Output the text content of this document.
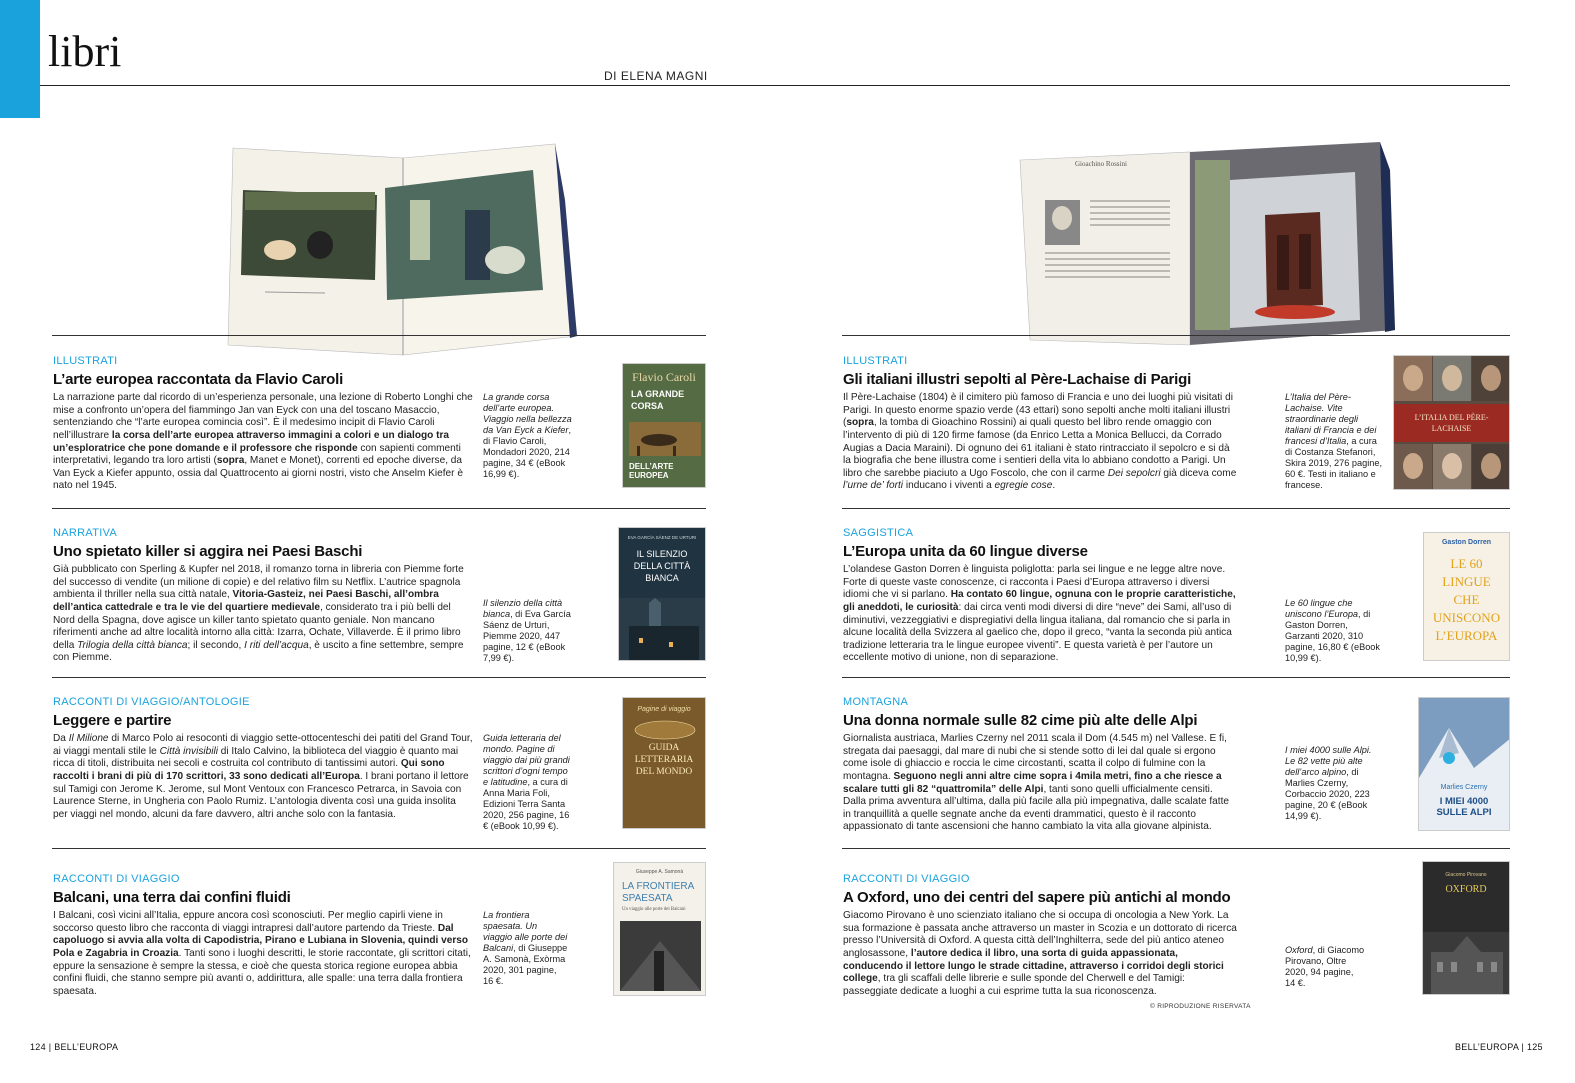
libri	DI ELENA MAGNI
Gioachino Rossini
ILLUSTRATI
L’arte europea raccontata da Flavio Caroli
La narrazione parte dal ricordo di un’esperienza personale, una lezione di Roberto Longhi che mise a confronto un’opera del fiammingo Jan van Eyck con una del toscano Masaccio, sentenziando che “l’arte europea comincia così”. È il medesimo incipit di Flavio Caroli nell’illustrare la corsa dell’arte europea attraverso immagini a colori e un dialogo tra un’esploratrice che pone domande e il professore che risponde con sapienti commenti interpretativi, legando tra loro artisti (sopra, Manet e Monet), correnti ed epoche diverse, da Van Eyck a Kiefer appunto, ossia dal Quattrocento ai giorni nostri, visto che Anselm Kiefer è nato nel 1945.
La grande corsa dell’arte europea. Viaggio nella bellezza da Van Eyck a Kiefer, di Flavio Caroli, Mondadori 2020, 214 pagine, 34 € (eBook 16,99 €).
Flavio Caroli
LA GRANDE CORSA
DELL’ARTE EUROPEA
NARRATIVA
Uno spietato killer si aggira nei Paesi Baschi
Già pubblicato con Sperling & Kupfer nel 2018, il romanzo torna in libreria con Piemme forte del successo di vendite (un milione di copie) e del relativo film su Netflix. L’autrice spagnola ambienta il thriller nella sua città natale, Vitoria-Gasteiz, nei Paesi Baschi, all’ombra dell’antica cattedrale e tra le vie del quartiere medievale, considerato tra i più belli del Nord della Spagna, dove agisce un killer tanto spietato quanto geniale. Non mancano riferimenti anche ad altre località intorno alla città: Izarra, Ochate, Villaverde. È il primo libro della Trilogia della città bianca; il secondo, I riti dell’acqua, è uscito a fine settembre, sempre con Piemme.
Il silenzio della città bianca, di Eva García Sáenz de Urturi, Piemme 2020, 447 pagine, 12 € (eBook 7,99 €).
EVA GARCÍA SÁENZ DE URTURI
IL SILENZIO DELLA CITTÀ BIANCA
RACCONTI DI VIAGGIO/ANTOLOGIE
Leggere e partire
Da Il Milione di Marco Polo ai resoconti di viaggio sette-ottocenteschi dei patiti del Grand Tour, ai viaggi mentali stile le Città invisibili di Italo Calvino, la biblioteca del viaggio è quanto mai ricca di titoli, distribuita nei secoli e costruita col contributo di tantissimi autori. Qui sono raccolti i brani di più di 170 scrittori, 33 sono dedicati all’Europa. I brani portano il lettore sul Tamigi con Jerome K. Jerome, sul Mont Ventoux con Francesco Petrarca, in Savoia con Laurence Sterne, in Ungheria con Paolo Rumiz. L’antologia diventa così una guida insolita per viaggi nel mondo, alcuni da fare davvero, altri anche solo con la fantasia.
Guida letteraria del mondo. Pagine di viaggio dai più grandi scrittori d’ogni tempo e latitudine, a cura di Anna Maria Foli, Edizioni Terra Santa 2020, 256 pagine, 16 € (eBook 10,99 €).
Pagine di viaggio
GUIDA LETTERARIA DEL MONDO
RACCONTI DI VIAGGIO
Balcani, una terra dai confini fluidi
I Balcani, così vicini all’Italia, eppure ancora così sconosciuti. Per meglio capirli viene in soccorso questo libro che racconta di viaggi intrapresi dall’autore partendo da Trieste. Dal capoluogo si avvia alla volta di Capodistria, Pirano e Lubiana in Slovenia, quindi verso Pola e Zagabria in Croazia. Tanti sono i luoghi descritti, le storie raccontate, gli scrittori citati, eppure la sensazione è sempre la stessa, e cioè che questa storica regione europea abbia confini fluidi, che stanno sempre più avanti o, addirittura, alle spalle: una terra dalla frontiera spaesata.
La frontiera spaesata. Un viaggio alle porte dei Balcani, di Giuseppe A. Samonà, Exòrma 2020, 301 pagine, 16 €.
Giuseppe A. Samonà
LA FRONTIERA SPAESATA
Un viaggio alle porte dei Balcani
ILLUSTRATI
Gli italiani illustri sepolti al Père-Lachaise di Parigi
Il Père-Lachaise (1804) è il cimitero più famoso di Francia e uno dei luoghi più visitati di Parigi. In questo enorme spazio verde (43 ettari) sono sepolti anche molti italiani illustri (sopra, la tomba di Gioachino Rossini) ai quali questo bel libro rende omaggio con l’intervento di più di 120 firme famose (da Enrico Letta a Monica Bellucci, da Corrado Augias a Dacia Maraini). Di ognuno dei 61 italiani è stato rintracciato il sepolcro e si dà la biografia che bene illustra come i sentieri della vita lo abbiano condotto a Parigi. Un libro che sarebbe piaciuto a Ugo Foscolo, che con il carme Dei sepolcri già diceva come l’urne de’ forti inducano i viventi a egregie cose.
L’Italia del Père-Lachaise. Vite straordinarie degli italiani di Francia e dei francesi d’Italia, a cura di Costanza Stefanori, Skira 2019, 276 pagine, 60 €. Testi in italiano e francese.
L’ITALIA DEL PÈRE-LACHAISE
SAGGISTICA
L’Europa unita da 60 lingue diverse
L’olandese Gaston Dorren è linguista poliglotta: parla sei lingue e ne legge altre nove. Forte di queste vaste conoscenze, ci racconta i Paesi d’Europa attraverso i diversi idiomi che vi si parlano. Ha contato 60 lingue, ognuna con le proprie caratteristiche, gli aneddoti, le curiosità: dai circa venti modi diversi di dire “neve” dei Sami, all’uso di diminutivi, vezzeggiativi e dispregiativi della lingua italiana, dal romancio che si parla in alcune località della Svizzera al gaelico che, dopo il greco, “vanta la seconda più antica tradizione letteraria tra le lingue europee viventi”. E questa varietà è per l’autore un eccellente motivo di unione, non di separazione.
Le 60 lingue che uniscono l’Europa, di Gaston Dorren, Garzanti 2020, 310 pagine, 16,80 € (eBook 10,99 €).
Gaston Dorren
LE 60 LINGUE CHE UNISCONO L’EUROPA
MONTAGNA
Una donna normale sulle 82 cime più alte delle Alpi
Giornalista austriaca, Marlies Czerny nel 2011 scala il Dom (4.545 m) nel Vallese. E fi, stregata dai paesaggi, dal mare di nubi che si stende sotto di lei dal quale si ergono come isole di ghiaccio e roccia le cime circostanti, scatta il colpo di fulmine con la montagna. Seguono negli anni altre cime sopra i 4mila metri, fino a che riesce a scalare tutti gli 82 “quattromila” delle Alpi, tanti sono quelli ufficialmente censiti. Dalla prima avventura all’ultima, dalla più facile alla più impegnativa, dalle scalate fatte in tranquillità a quelle segnate anche da eventi drammatici, questo è il racconto appassionato di tante ascensioni che hanno cambiato la vita alla giovane alpinista.
I miei 4000 sulle Alpi. Le 82 vette più alte dell’arco alpino, di Marlies Czerny, Corbaccio 2020, 223 pagine, 20 € (eBook 14,99 €).
Marlies Czerny
I MIEI 4000 SULLE ALPI
RACCONTI DI VIAGGIO
A Oxford, uno dei centri del sapere più antichi al mondo
Giacomo Pirovano è uno scienziato italiano che si occupa di oncologia a New York. La sua formazione è passata anche attraverso un master in Scozia e un dottorato di ricerca presso l’Università di Oxford. A questa città dell’Inghilterra, sede del più antico ateneo anglosassone, l’autore dedica il libro, una sorta di guida appassionata, conducendo il lettore lungo le strade cittadine, attraverso i corridoi degli storici college, tra gli scaffali delle librerie e sulle sponde del Cherwell e del Tamigi: passeggiate dedicate a luoghi a cui esprime tutta la sua riconoscenza.
Oxford, di Giacomo Pirovano, Oltre 2020, 94 pagine, 14 €.
Giacomo Pirovano
OXFORD
© RIPRODUZIONE RISERVATA
124 | BELL’EUROPA	BELL’EUROPA | 125
